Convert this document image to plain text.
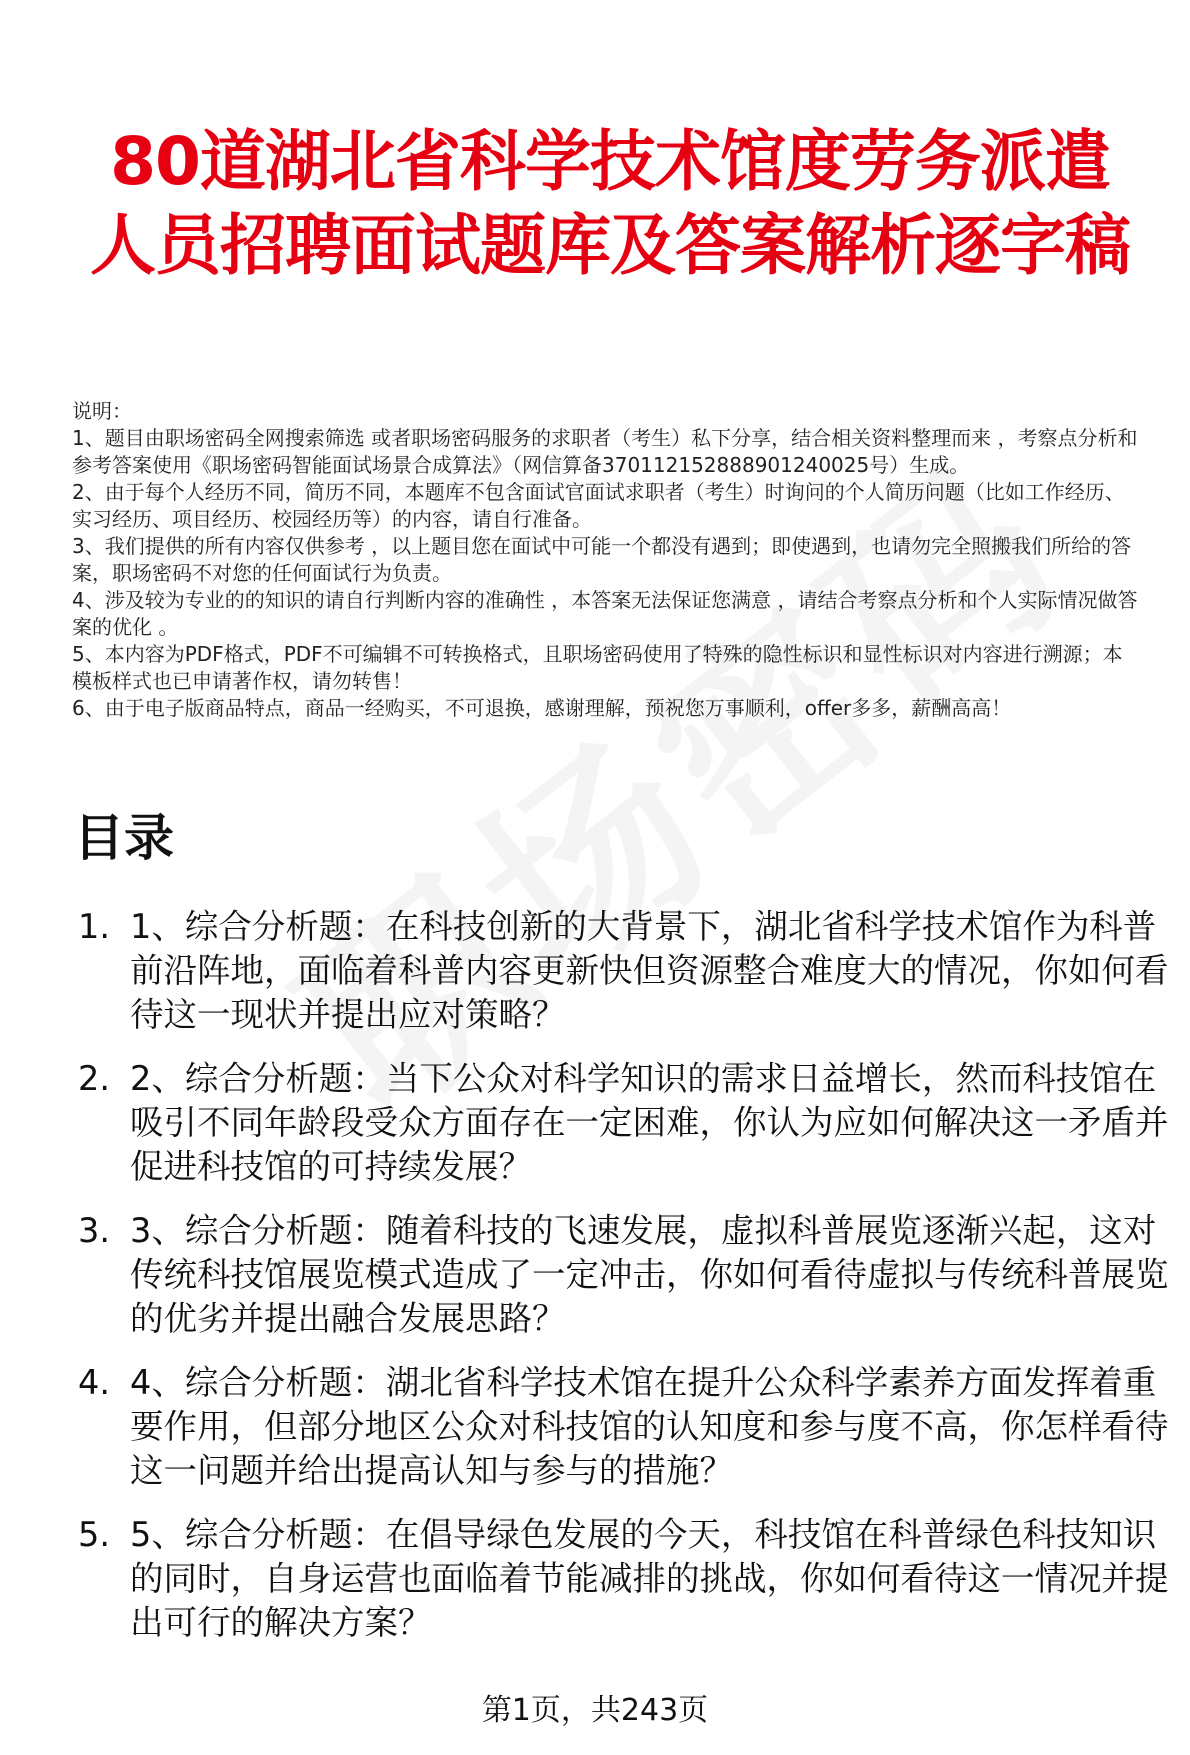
80道湖北省科学技术馆度劳务派遣人员招聘面试题库及答案解析逐字稿
说明：
1、题目由职场密码全网搜索筛选 或者职场密码服务的求职者（考生）私下分享，结合相关资料整理而来 ，考察点分析和参考答案使用《职场密码智能面试场景合成算法》（网信算备370112152888901240025号）生成。
2、由于每个人经历不同，简历不同，本题库不包含面试官面试求职者（考生）时询问的个人简历问题（比如工作经历、实习经历、项目经历、校园经历等）的内容，请自行准备。
3、我们提供的所有内容仅供参考 ，以上题目您在面试中可能一个都没有遇到；即使遇到，也请勿完全照搬我们所给的答案，职场密码不对您的任何面试行为负责。
4、涉及较为专业的的知识的请自行判断内容的准确性 ，本答案无法保证您满意 ，请结合考察点分析和个人实际情况做答案的优化 。
5、本内容为PDF格式，PDF不可编辑不可转换格式，且职场密码使用了特殊的隐性标识和显性标识对内容进行溯源；本模板样式也已申请著作权，请勿转售！
6、由于电子版商品特点，商品一经购买，不可退换，感谢理解，预祝您万事顺利，offer多多，薪酬高高！
目录
1. 1、综合分析题：在科技创新的大背景下，湖北省科学技术馆作为科普前沿阵地，面临着科普内容更新快但资源整合难度大的情况，你如何看待这一现状并提出应对策略？
2. 2、综合分析题：当下公众对科学知识的需求日益增长，然而科技馆在吸引不同年龄段受众方面存在一定困难，你认为应如何解决这一矛盾并促进科技馆的可持续发展？
3. 3、综合分析题：随着科技的飞速发展，虚拟科普展览逐渐兴起，这对传统科技馆展览模式造成了一定冲击，你如何看待虚拟与传统科普展览的优劣并提出融合发展思路？
4. 4、综合分析题：湖北省科学技术馆在提升公众科学素养方面发挥着重要作用，但部分地区公众对科技馆的认知度和参与度不高，你怎样看待这一问题并给出提高认知与参与的措施？
5. 5、综合分析题：在倡导绿色发展的今天，科技馆在科普绿色科技知识的同时，自身运营也面临着节能减排的挑战，你如何看待这一情况并提出可行的解决方案？
第1页，共243页
